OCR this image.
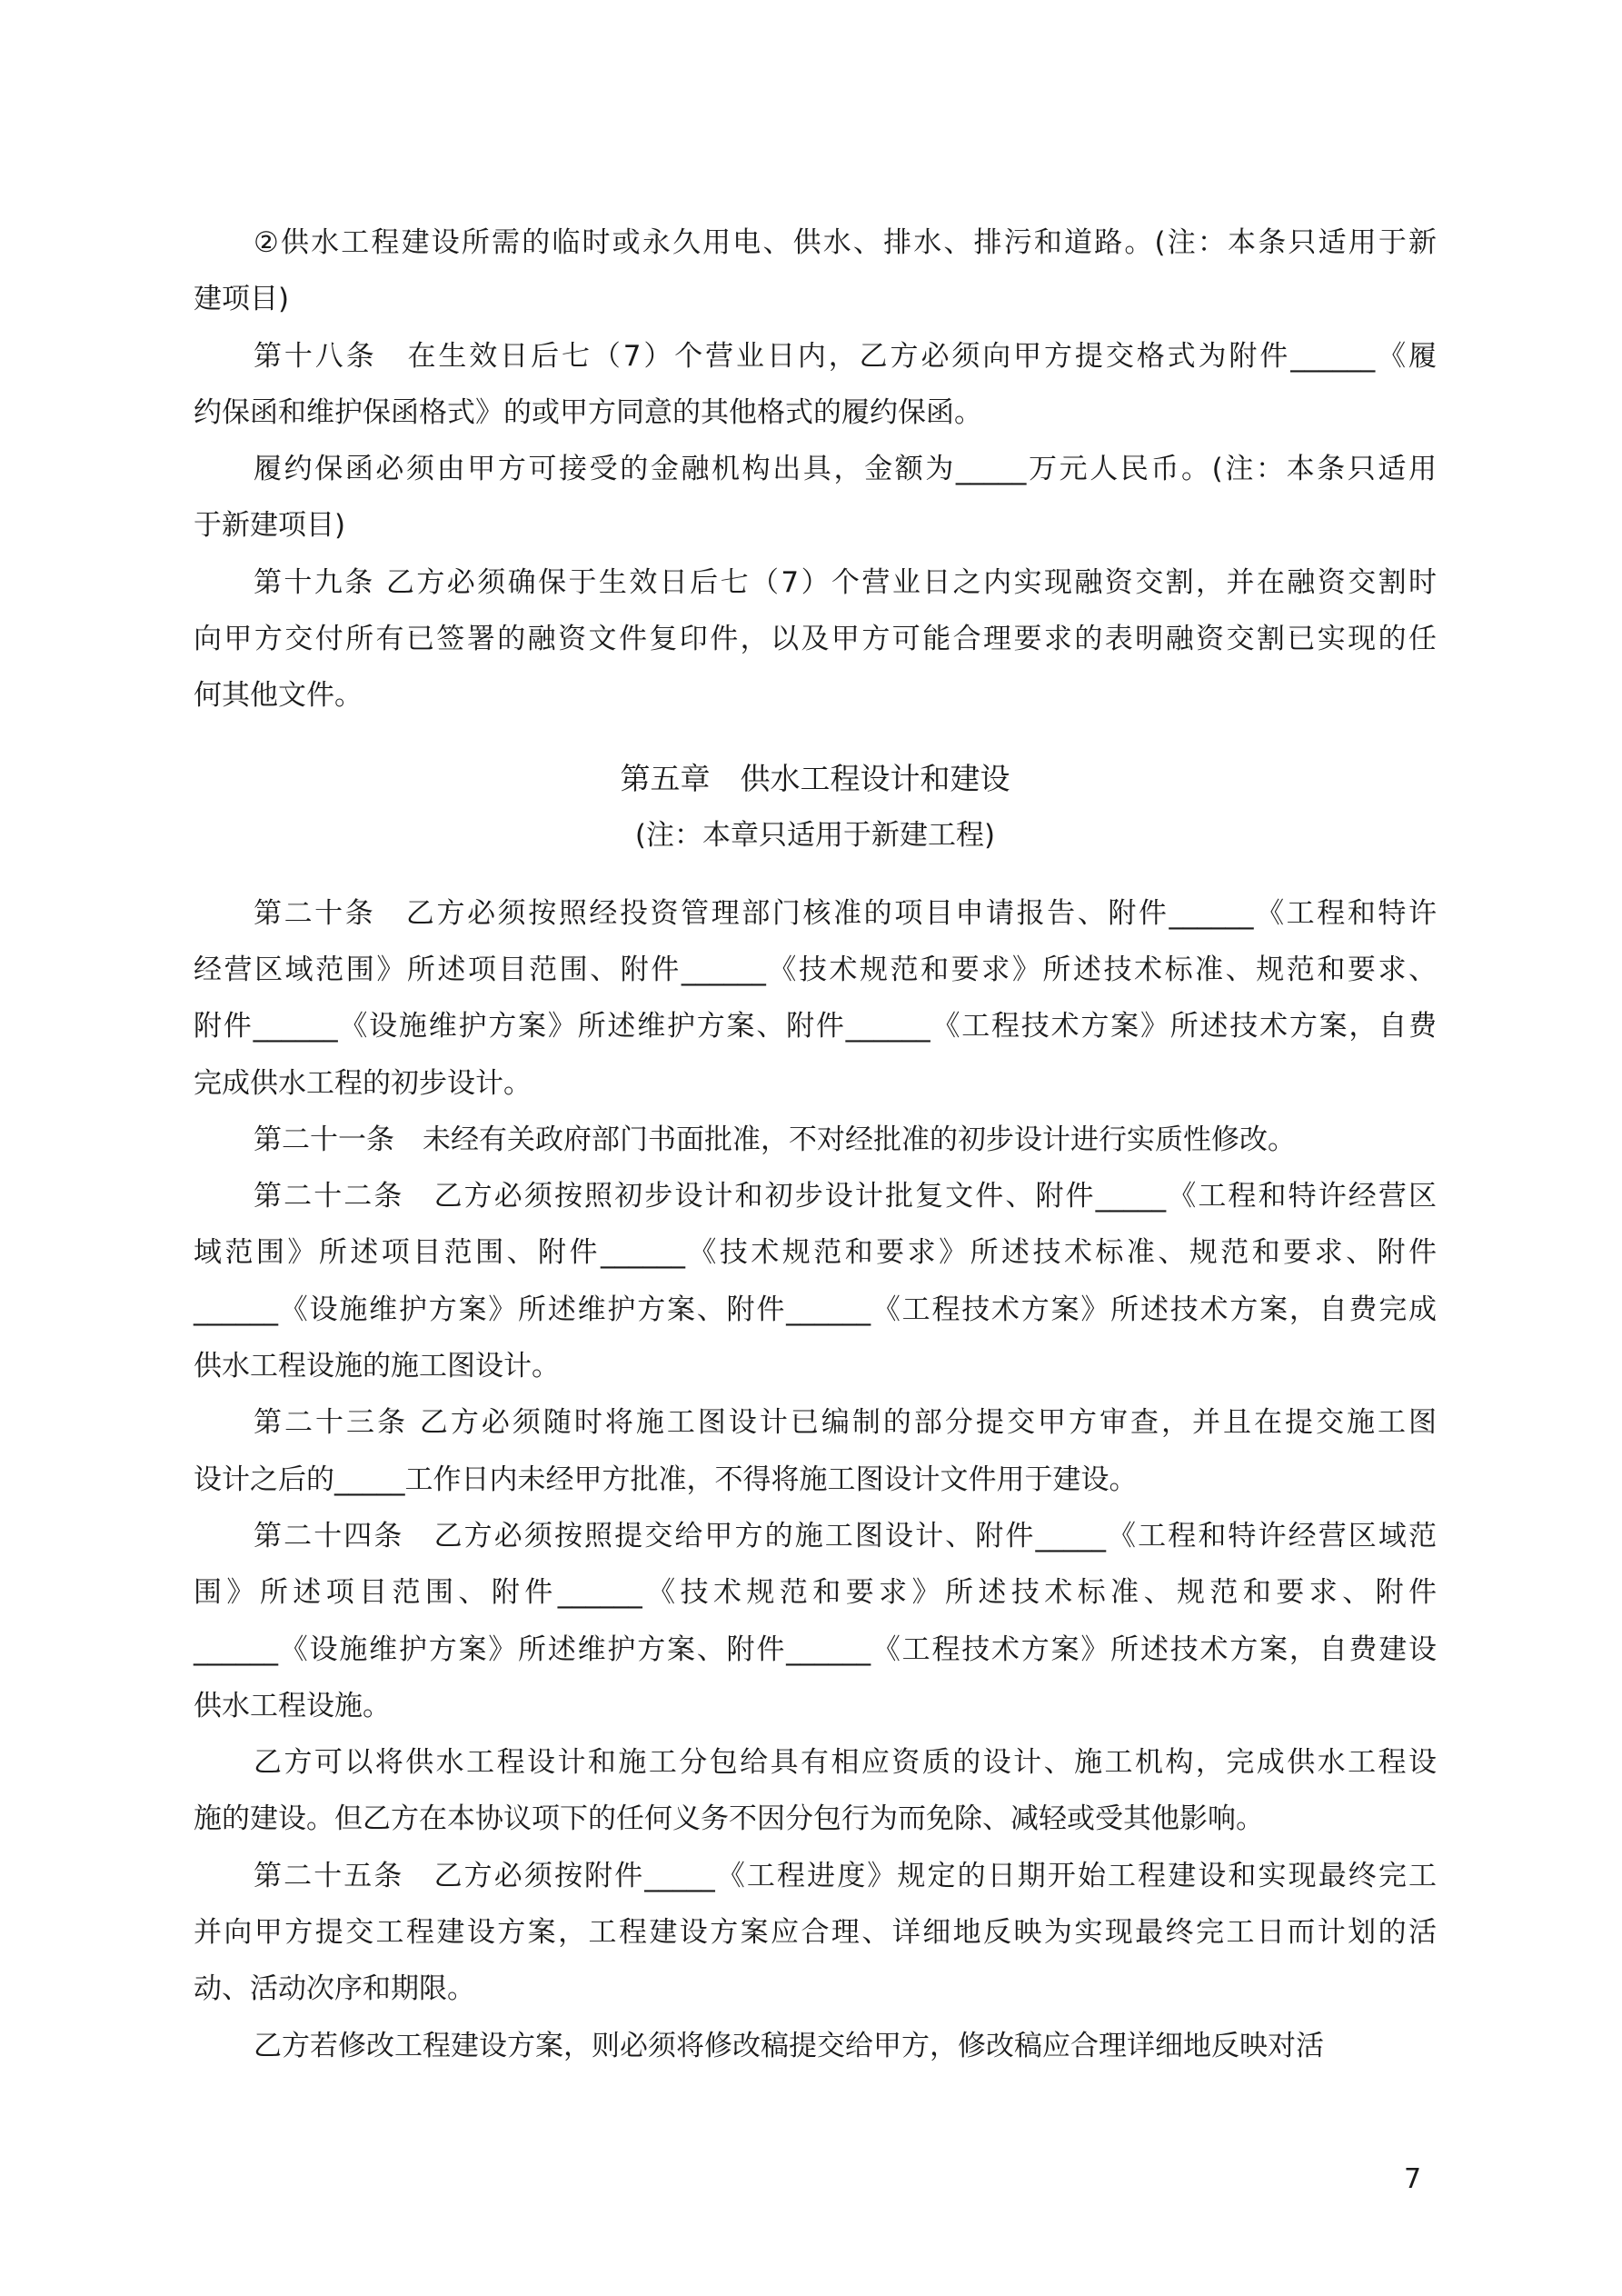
②供水工程建设所需的临时或永久用电、供水、排水、排污和道路。(注：本条只适用于新
建项目)
第十八条　在生效日后七（7）个营业日内，乙方必须向甲方提交格式为附件______《履
约保函和维护保函格式》的或甲方同意的其他格式的履约保函。
履约保函必须由甲方可接受的金融机构出具，金额为_____万元人民币。(注：本条只适用
于新建项目)
第十九条 乙方必须确保于生效日后七（7）个营业日之内实现融资交割，并在融资交割时
向甲方交付所有已签署的融资文件复印件，以及甲方可能合理要求的表明融资交割已实现的任
何其他文件。
第五章　供水工程设计和建设
(注：本章只适用于新建工程)
第二十条　乙方必须按照经投资管理部门核准的项目申请报告、附件______《工程和特许
经营区域范围》所述项目范围、附件______《技术规范和要求》所述技术标准、规范和要求、
附件______《设施维护方案》所述维护方案、附件______《工程技术方案》所述技术方案，自费
完成供水工程的初步设计。
第二十一条　未经有关政府部门书面批准，不对经批准的初步设计进行实质性修改。
第二十二条　乙方必须按照初步设计和初步设计批复文件、附件_____《工程和特许经营区
域范围》所述项目范围、附件______《技术规范和要求》所述技术标准、规范和要求、附件
______《设施维护方案》所述维护方案、附件______《工程技术方案》所述技术方案，自费完成
供水工程设施的施工图设计。
第二十三条 乙方必须随时将施工图设计已编制的部分提交甲方审查，并且在提交施工图
设计之后的_____工作日内未经甲方批准，不得将施工图设计文件用于建设。
第二十四条　乙方必须按照提交给甲方的施工图设计、附件_____《工程和特许经营区域范
围》所述项目范围、附件______《技术规范和要求》所述技术标准、规范和要求、附件
______《设施维护方案》所述维护方案、附件______《工程技术方案》所述技术方案，自费建设
供水工程设施。
乙方可以将供水工程设计和施工分包给具有相应资质的设计、施工机构，完成供水工程设
施的建设。但乙方在本协议项下的任何义务不因分包行为而免除、减轻或受其他影响。
第二十五条　乙方必须按附件_____《工程进度》规定的日期开始工程建设和实现最终完工
并向甲方提交工程建设方案，工程建设方案应合理、详细地反映为实现最终完工日而计划的活
动、活动次序和期限。
乙方若修改工程建设方案，则必须将修改稿提交给甲方，修改稿应合理详细地反映对活
7
